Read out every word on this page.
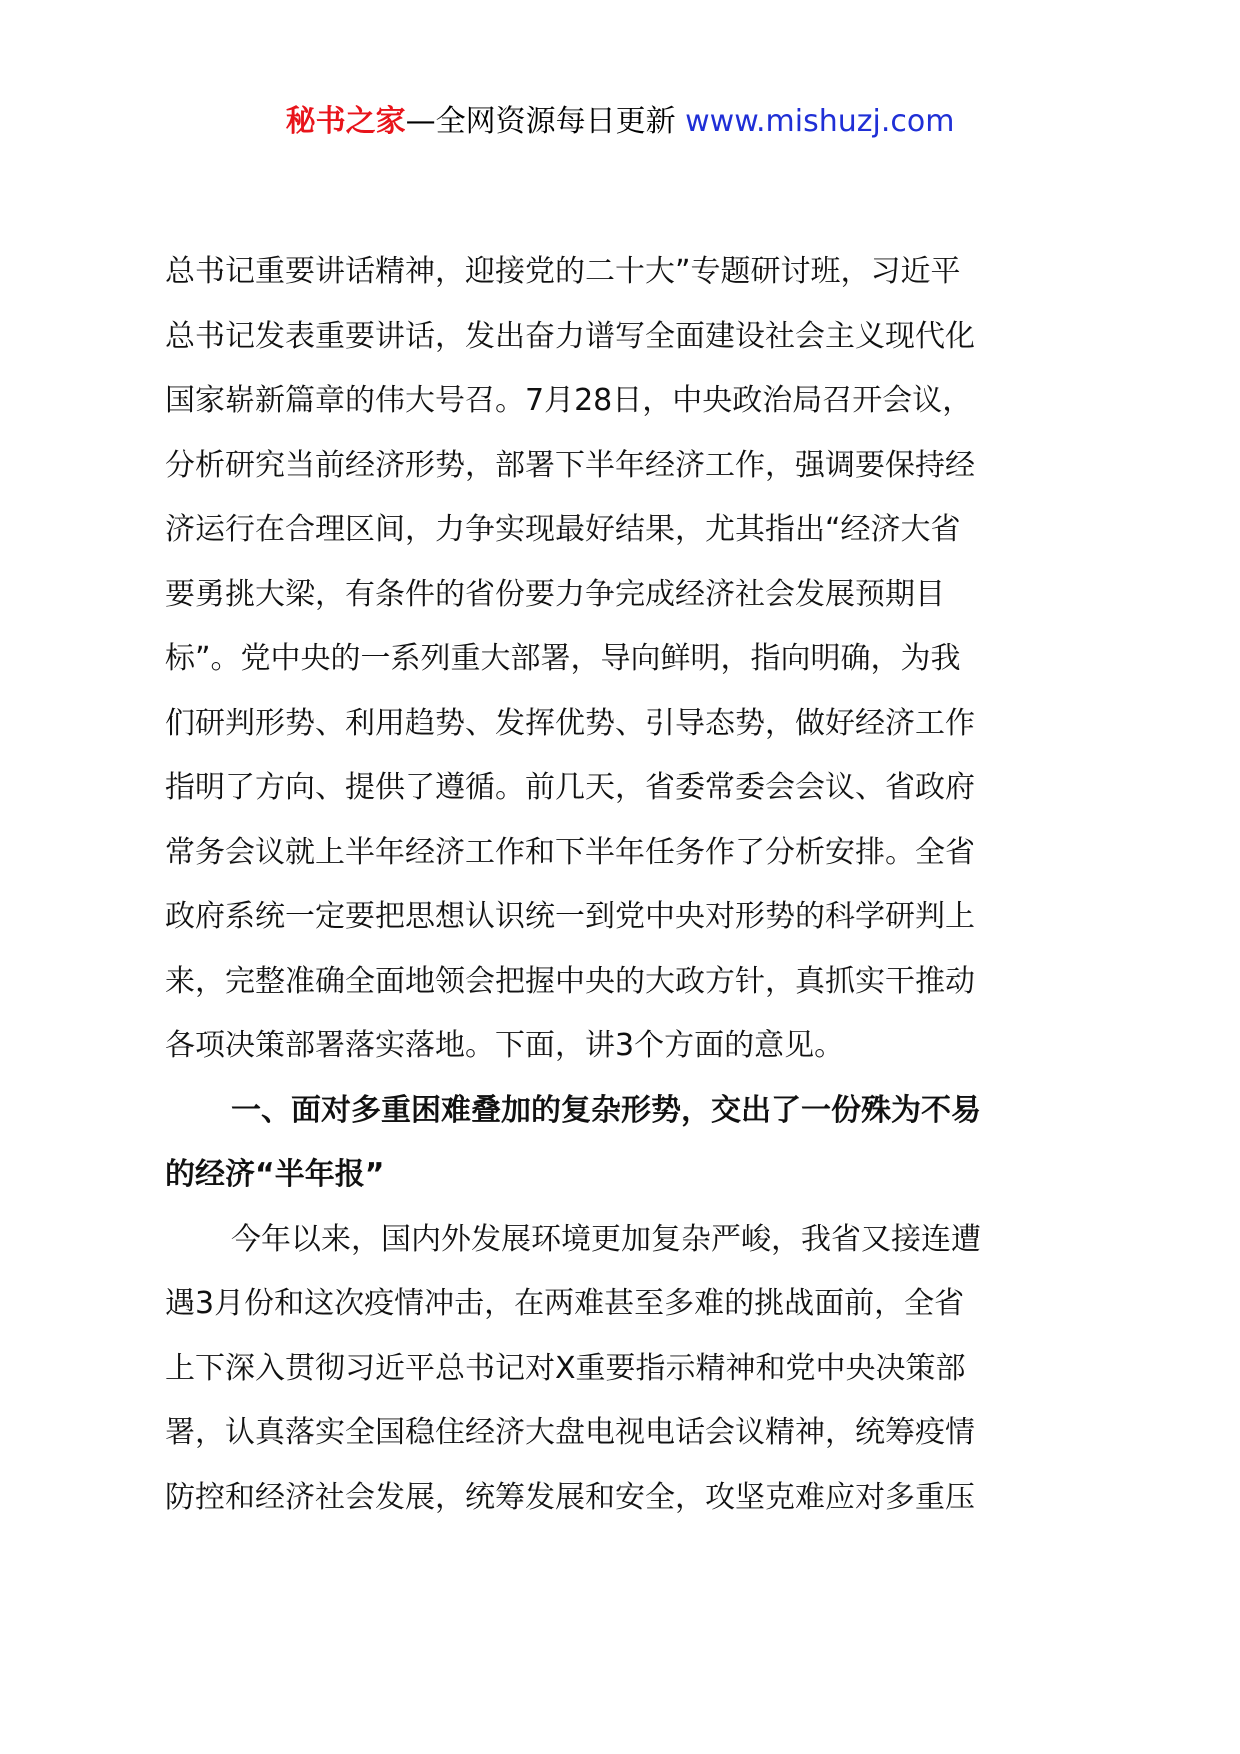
秘书之家—全网资源每日更新 www.mishuzj.com
总书记重要讲话精神，迎接党的二十大”专题研讨班，习近平
总书记发表重要讲话，发出奋力谱写全面建设社会主义现代化
国家崭新篇章的伟大号召。7月28日，中央政治局召开会议，
分析研究当前经济形势，部署下半年经济工作，强调要保持经
济运行在合理区间，力争实现最好结果，尤其指出“经济大省
要勇挑大梁，有条件的省份要力争完成经济社会发展预期目
标”。党中央的一系列重大部署，导向鲜明，指向明确，为我
们研判形势、利用趋势、发挥优势、引导态势，做好经济工作
指明了方向、提供了遵循。前几天，省委常委会会议、省政府
常务会议就上半年经济工作和下半年任务作了分析安排。全省
政府系统一定要把思想认识统一到党中央对形势的科学研判上
来，完整准确全面地领会把握中央的大政方针，真抓实干推动
各项决策部署落实落地。下面，讲3个方面的意见。
一、面对多重困难叠加的复杂形势，交出了一份殊为不易
的经济“半年报”
今年以来，国内外发展环境更加复杂严峻，我省又接连遭
遇3月份和这次疫情冲击，在两难甚至多难的挑战面前，全省
上下深入贯彻习近平总书记对X重要指示精神和党中央决策部
署，认真落实全国稳住经济大盘电视电话会议精神，统筹疫情
防控和经济社会发展，统筹发展和安全，攻坚克难应对多重压
